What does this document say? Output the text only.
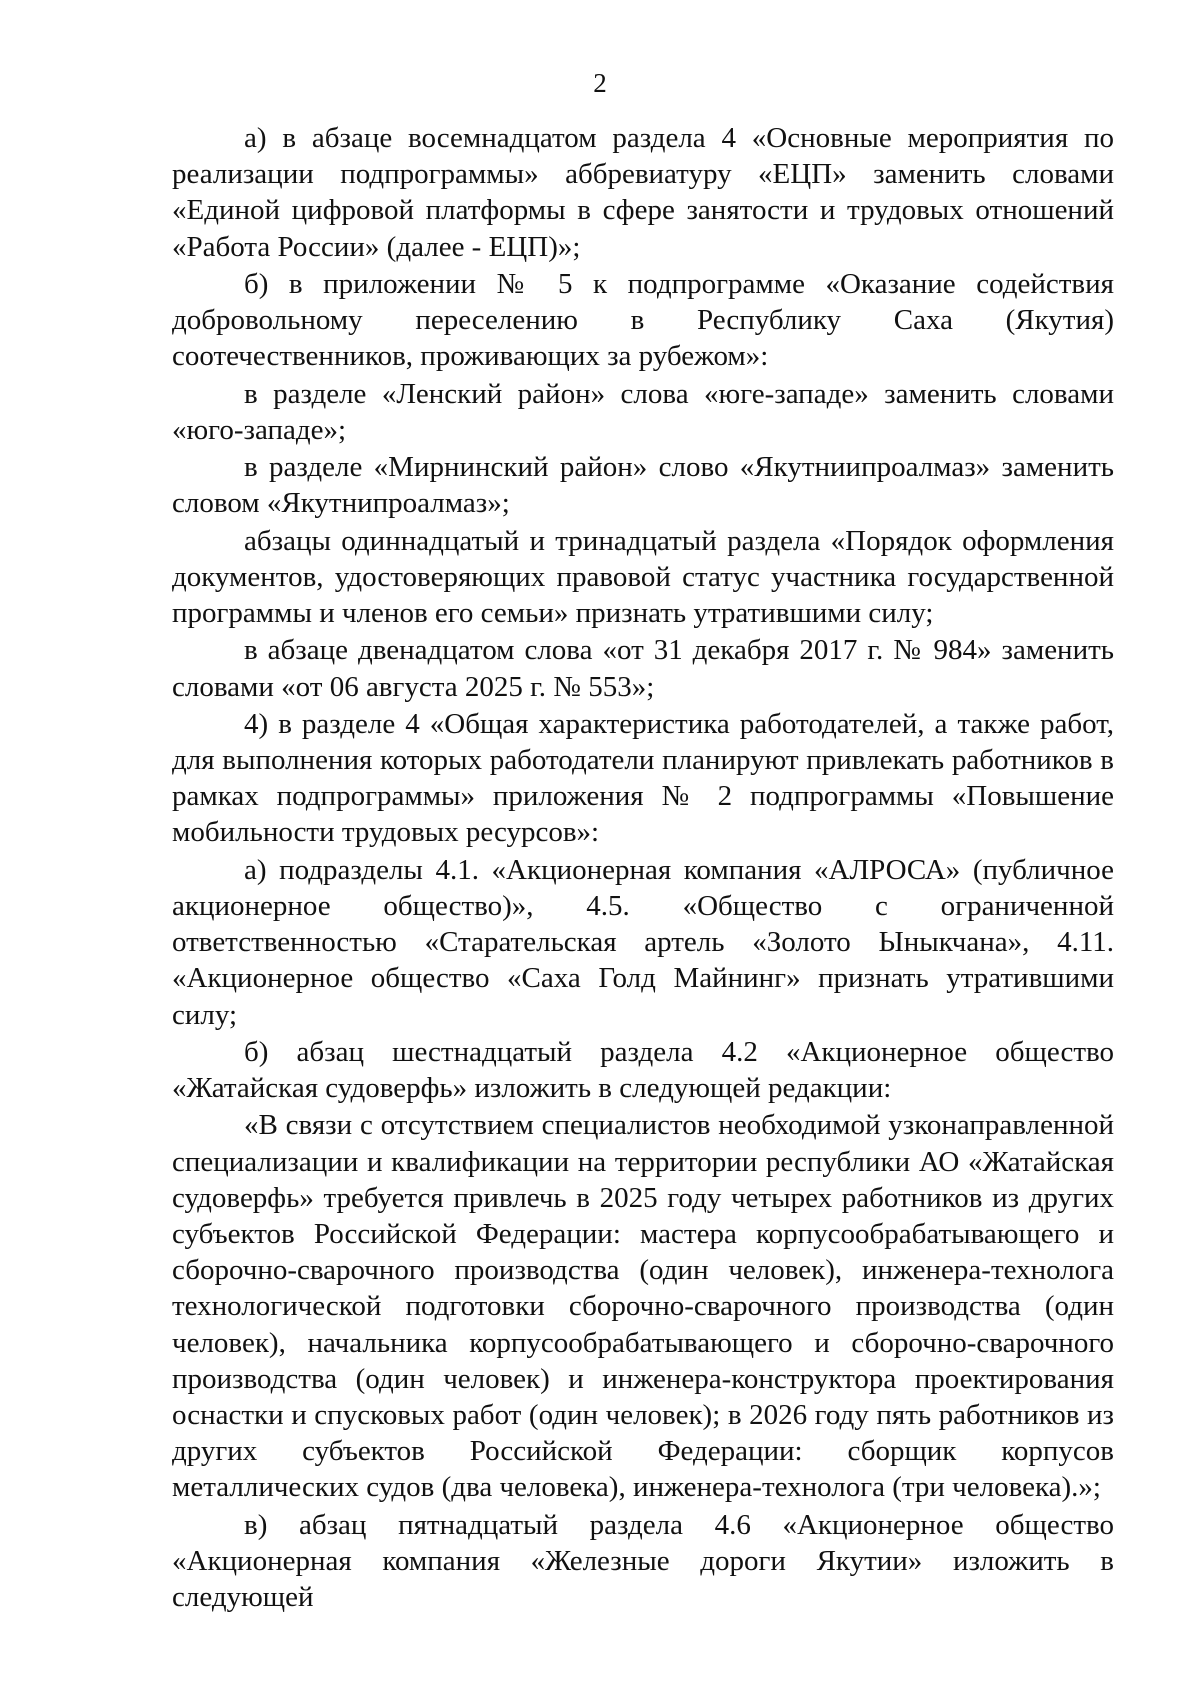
2

а) в абзаце восемнадцатом раздела 4 «Основные мероприятия по реализации подпрограммы» аббревиатуру «ЕЦП» заменить словами «Единой цифровой платформы в сфере занятости и трудовых отношений «Работа России» (далее - ЕЦП)»;

б) в приложении № 5 к подпрограмме «Оказание содействия добровольному переселению в Республику Саха (Якутия) соотечественников, проживающих за рубежом»:

в разделе «Ленский район» слова «юге-западе» заменить словами «юго-западе»;

в разделе «Мирнинский район» слово «Якутниипроалмаз» заменить словом «Якутнипроалмаз»;

абзацы одиннадцатый и тринадцатый раздела «Порядок оформления документов, удостоверяющих правовой статус участника государственной программы и членов его семьи» признать утратившими силу;

в абзаце двенадцатом слова «от 31 декабря 2017 г. № 984» заменить словами «от 06 августа 2025 г. № 553»;

4) в разделе 4 «Общая характеристика работодателей, а также работ, для выполнения которых работодатели планируют привлекать работников в рамках подпрограммы» приложения № 2 подпрограммы «Повышение мобильности трудовых ресурсов»:

а) подразделы 4.1. «Акционерная компания «АЛРОСА» (публичное акционерное общество)», 4.5. «Общество с ограниченной ответственностью «Старательская артель «Золото Ыныкчана», 4.11. «Акционерное общество «Саха Голд Майнинг» признать утратившими силу;

б) абзац шестнадцатый раздела 4.2 «Акционерное общество «Жатайская судоверфь» изложить в следующей редакции:

«В связи с отсутствием специалистов необходимой узконаправленной специализации и квалификации на территории республики АО «Жатайская судоверфь» требуется привлечь в 2025 году четырех работников из других субъектов Российской Федерации: мастера корпусообрабатывающего и сборочно-сварочного производства (один человек), инженера-технолога технологической подготовки сборочно-сварочного производства (один человек), начальника корпусообрабатывающего и сборочно-сварочного производства (один человек) и инженера-конструктора проектирования оснастки и спусковых работ (один человек); в 2026 году пять работников из других субъектов Российской Федерации: сборщик корпусов металлических судов (два человека), инженера-технолога (три человека).»;

в) абзац пятнадцатый раздела 4.6 «Акционерное общество «Акционерная компания «Железные дороги Якутии» изложить в следующей
